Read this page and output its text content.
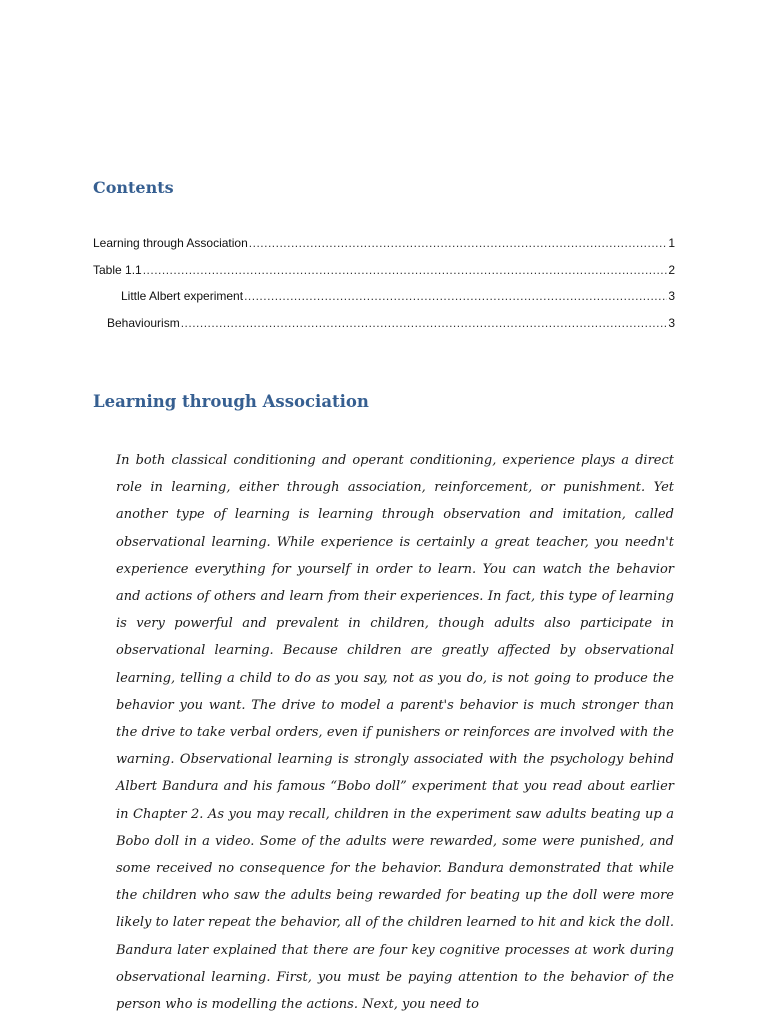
Contents
Learning through Association .....	1
Table 1.1 .....	2
Little Albert experiment .....	3
Behaviourism .....	3
Learning through Association

In both classical conditioning and operant conditioning, experience plays a direct role in learning, either through association, reinforcement, or punishment. Yet another type of learning is learning through observation and imitation, called observational learning. While experience is certainly a great teacher, you needn't experience everything for yourself in order to learn. You can watch the behavior and actions of others and learn from their experiences. In fact, this type of learning is very powerful and prevalent in children, though adults also participate in observational learning. Because children are greatly affected by observational learning, telling a child to do as you say, not as you do, is not going to produce the behavior you want. The drive to model a parent's behavior is much stronger than the drive to take verbal orders, even if punishers or reinforces are involved with the warning. Observational learning is strongly associated with the psychology behind Albert Bandura and his famous “Bobo doll” experiment that you read about earlier in Chapter 2. As you may recall, children in the experiment saw adults beating up a Bobo doll in a video. Some of the adults were rewarded, some were punished, and some received no consequence for the behavior. Bandura demonstrated that while the children who saw the adults being rewarded for beating up the doll were more likely to later repeat the behavior, all of the children learned to hit and kick the doll. Bandura later explained that there are four key cognitive processes at work during observational learning. First, you must be paying attention to the behavior of the person who is modelling the actions. Next, you need to
